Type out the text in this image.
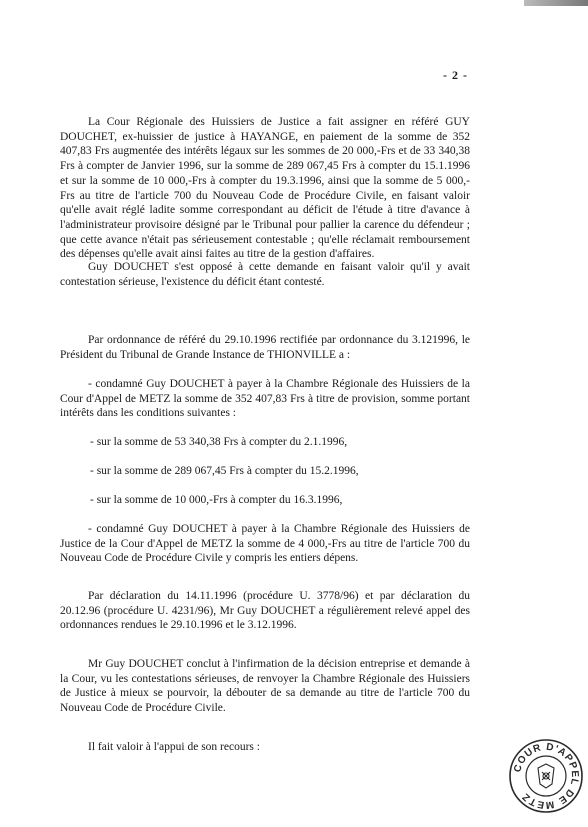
- 2 -

La Cour Régionale des Huissiers de Justice a fait assigner en référé GUY DOUCHET, ex-huissier de justice à HAYANGE, en paiement de la somme de 352 407,83 Frs augmentée des intérêts légaux sur les sommes de 20 000,-Frs et de 33 340,38 Frs à compter de Janvier 1996, sur la somme de 289 067,45 Frs à compter du 15.1.1996 et sur la somme de 10 000,-Frs à compter du 19.3.1996, ainsi que la somme de 5 000,-Frs au titre de l'article 700 du Nouveau Code de Procédure Civile, en faisant valoir qu'elle avait réglé ladite somme correspondant au déficit de l'étude à titre d'avance à l'administrateur provisoire désigné par le Tribunal pour pallier la carence du défendeur ; que cette avance n'était pas sérieusement contestable ; qu'elle réclamait remboursement des dépenses qu'elle avait ainsi faites au titre de la gestion d'affaires.

Guy DOUCHET s'est opposé à cette demande en faisant valoir qu'il y avait contestation sérieuse, l'existence du déficit étant contesté.

Par ordonnance de référé du 29.10.1996 rectifiée par ordonnance du 3.121996, le Président du Tribunal de Grande Instance de THIONVILLE a :

- condamné Guy DOUCHET à payer à la Chambre Régionale des Huissiers de la Cour d'Appel de METZ la somme de 352 407,83 Frs à titre de provision, somme portant intérêts dans les conditions suivantes :

- sur la somme de 53 340,38 Frs à compter du 2.1.1996,

- sur la somme de 289 067,45 Frs à compter du 15.2.1996,

- sur la somme de 10 000,-Frs à compter du 16.3.1996,

- condamné Guy DOUCHET à payer à la Chambre Régionale des Huissiers de Justice de la Cour d'Appel de METZ la somme de 4 000,-Frs au titre de l'article 700 du Nouveau Code de Procédure Civile y compris les entiers dépens.

Par déclaration du 14.11.1996 (procédure U. 3778/96) et par déclaration du 20.12.96 (procédure U. 4231/96), Mr Guy DOUCHET a régulièrement relevé appel des ordonnances rendues le 29.10.1996 et le 3.12.1996.

Mr Guy DOUCHET conclut à l'infirmation de la décision entreprise et demande à la Cour, vu les contestations sérieuses, de renvoyer la Chambre Régionale des Huissiers de Justice à mieux se pourvoir, la débouter de sa demande au titre de l'article 700 du Nouveau Code de Procédure Civile.

Il fait valoir à l'appui de son recours :

COUR D'APPEL DE METZ
